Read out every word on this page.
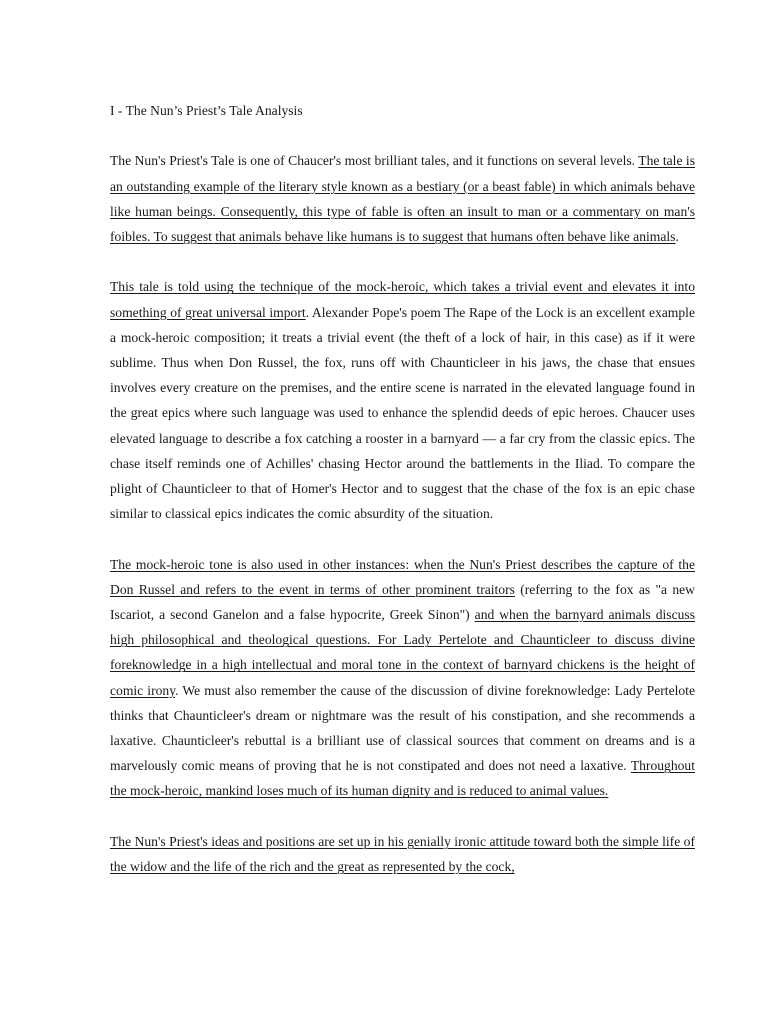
I - The Nun’s Priest’s Tale Analysis

The Nun's Priest's Tale is one of Chaucer's most brilliant tales, and it functions on several levels. The tale is an outstanding example of the literary style known as a bestiary (or a beast fable) in which animals behave like human beings. Consequently, this type of fable is often an insult to man or a commentary on man's foibles. To suggest that animals behave like humans is to suggest that humans often behave like animals.

This tale is told using the technique of the mock-heroic, which takes a trivial event and elevates it into something of great universal import. Alexander Pope's poem The Rape of the Lock is an excellent example a mock-heroic composition; it treats a trivial event (the theft of a lock of hair, in this case) as if it were sublime. Thus when Don Russel, the fox, runs off with Chaunticleer in his jaws, the chase that ensues involves every creature on the premises, and the entire scene is narrated in the elevated language found in the great epics where such language was used to enhance the splendid deeds of epic heroes. Chaucer uses elevated language to describe a fox catching a rooster in a barnyard — a far cry from the classic epics. The chase itself reminds one of Achilles' chasing Hector around the battlements in the Iliad. To compare the plight of Chaunticleer to that of Homer's Hector and to suggest that the chase of the fox is an epic chase similar to classical epics indicates the comic absurdity of the situation.

The mock-heroic tone is also used in other instances: when the Nun's Priest describes the capture of the Don Russel and refers to the event in terms of other prominent traitors (referring to the fox as "a new Iscariot, a second Ganelon and a false hypocrite, Greek Sinon") and when the barnyard animals discuss high philosophical and theological questions. For Lady Pertelote and Chaunticleer to discuss divine foreknowledge in a high intellectual and moral tone in the context of barnyard chickens is the height of comic irony. We must also remember the cause of the discussion of divine foreknowledge: Lady Pertelote thinks that Chaunticleer's dream or nightmare was the result of his constipation, and she recommends a laxative. Chaunticleer's rebuttal is a brilliant use of classical sources that comment on dreams and is a marvelously comic means of proving that he is not constipated and does not need a laxative. Throughout the mock-heroic, mankind loses much of its human dignity and is reduced to animal values.

The Nun's Priest's ideas and positions are set up in his genially ironic attitude toward both the simple life of the widow and the life of the rich and the great as represented by the cock,
